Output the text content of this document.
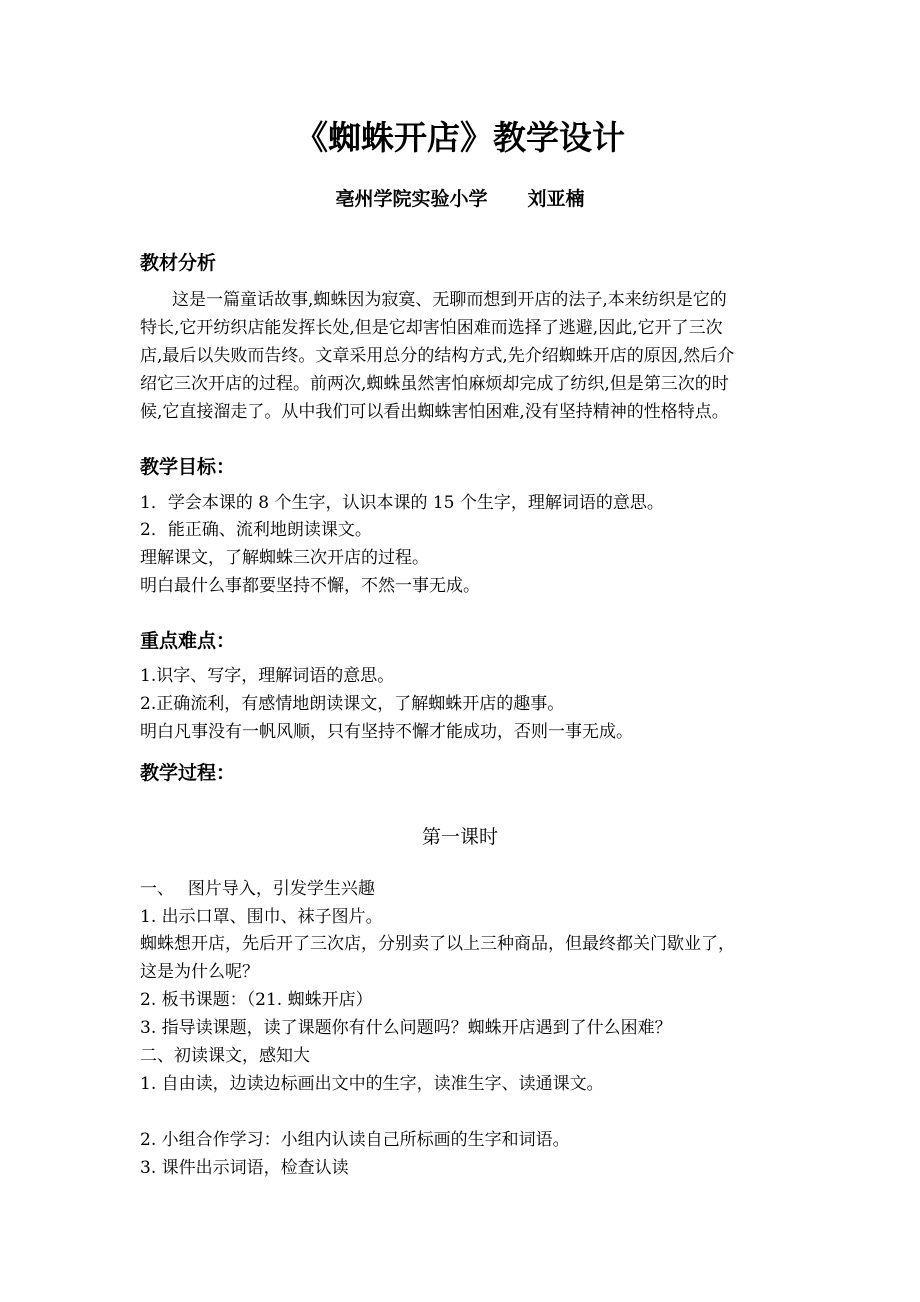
《蜘蛛开店》教学设计
亳州学院实验小学 刘亚楠
教材分析
这是一篇童话故事,蜘蛛因为寂寞、无聊而想到开店的法子,本来纺织是它的
特长,它开纺织店能发挥长处,但是它却害怕困难而选择了逃避,因此,它开了三次
店,最后以失败而告终。文章采用总分的结构方式,先介绍蜘蛛开店的原因,然后介
绍它三次开店的过程。前两次,蜘蛛虽然害怕麻烦却完成了纺织,但是第三次的时
候,它直接溜走了。从中我们可以看出蜘蛛害怕困难,没有坚持精神的性格特点。
教学目标：
1．学会本课的 8 个生字，认识本课的 15 个生字，理解词语的意思。
2．能正确、流利地朗读课文。
理解课文，了解蜘蛛三次开店的过程。
明白最什么事都要坚持不懈，不然一事无成。
重点难点：
1.识字、写字，理解词语的意思。
2.正确流利，有感情地朗读课文，了解蜘蛛开店的趣事。
明白凡事没有一帆风顺，只有坚持不懈才能成功，否则一事无成。
教学过程：
第一课时
一、　 图片导入，引发学生兴趣
1. 出示口罩、围巾、袜子图片。
蜘蛛想开店，先后开了三次店，分别卖了以上三种商品，但最终都关门歇业了，
这是为什么呢？
2. 板书课题：（21. 蜘蛛开店）
3. 指导读课题，读了课题你有什么问题吗？蜘蛛开店遇到了什么困难？
二、初读课文，感知大
1. 自由读，边读边标画出文中的生字，读准生字、读通课文。
2. 小组合作学习：小组内认读自己所标画的生字和词语。
3. 课件出示词语，检查认读
